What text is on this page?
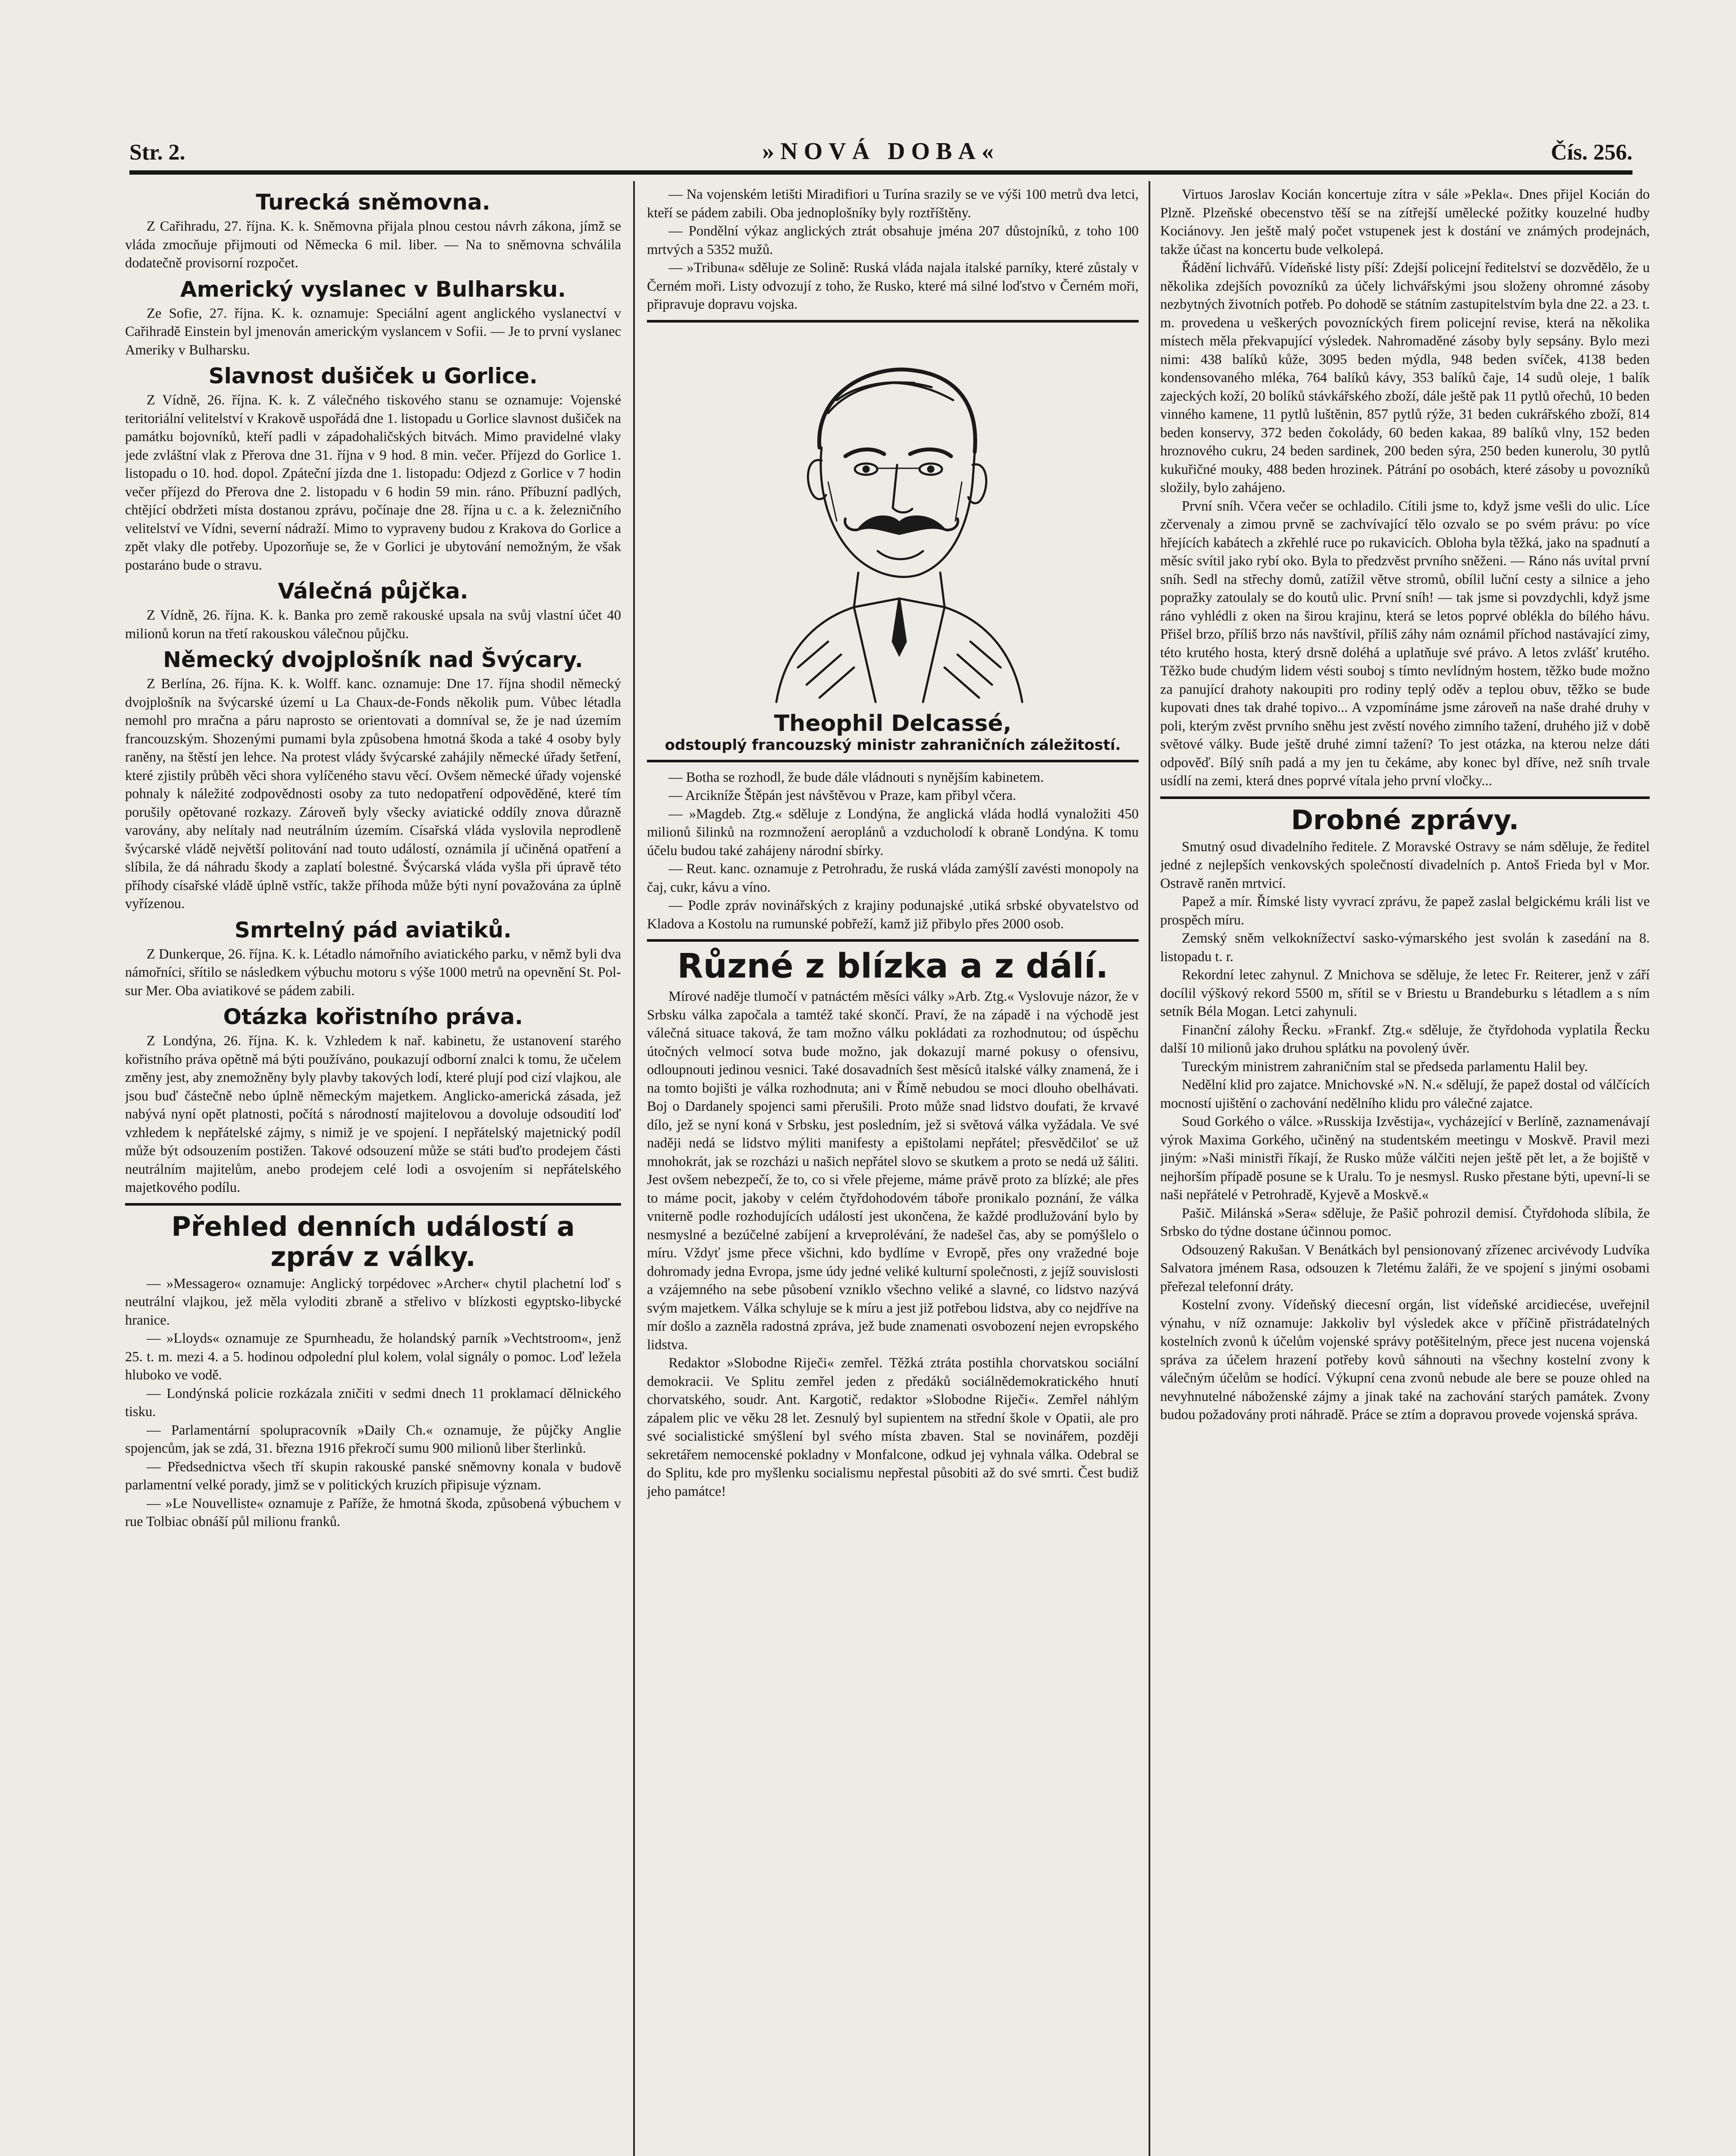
Str. 2.	»NOVÁ DOBA«	Čís. 256.
Turecká sněmovna.

Z Cařihradu, 27. října. K. k. Sněmovna přijala plnou cestou návrh zákona, jímž se vláda zmocňuje přijmouti od Německa 6 mil. liber. — Na to sněmovna schválila dodatečně provisorní rozpočet.

Americký vyslanec v Bulharsku.

Ze Sofie, 27. října. K. k. oznamuje: Speciální agent anglického vyslanectví v Cařihradě Einstein byl jmenován americkým vyslancem v Sofii. — Je to první vyslanec Ameriky v Bulharsku.

Slavnost dušiček u Gorlice.

Z Vídně, 26. října. K. k. Z válečného tiskového stanu se oznamuje: Vojenské teritoriální velitelství v Krakově uspořádá dne 1. listopadu u Gorlice slavnost dušiček na památku bojovníků, kteří padli v západohaličských bitvách. Mimo pravidelné vlaky jede zvláštní vlak z Přerova dne 31. října v 9 hod. 8 min. večer. Příjezd do Gorlice 1. listopadu o 10. hod. dopol. Zpáteční jízda dne 1. listopadu: Odjezd z Gorlice v 7 hodin večer příjezd do Přerova dne 2. listopadu v 6 hodin 59 min. ráno. Příbuzní padlých, chtějící obdržeti místa dostanou zprávu, počínaje dne 28. října u c. a k. železničního velitelství ve Vídni, severní nádraží. Mimo to vypraveny budou z Krakova do Gorlice a zpět vlaky dle potřeby. Upozorňuje se, že v Gorlici je ubytování nemožným, že však postaráno bude o stravu.

Válečná půjčka.

Z Vídně, 26. října. K. k. Banka pro země rakouské upsala na svůj vlastní účet 40 milionů korun na třetí rakouskou válečnou půjčku.

Německý dvojplošník nad Švýcary.

Z Berlína, 26. října. K. k. Wolff. kanc. oznamuje: Dne 17. října shodil německý dvojplošník na švýcarské území u La Chaux-de-Fonds několik pum. Vůbec létadla nemohl pro mračna a páru naprosto se orientovati a domníval se, že je nad územím francouzským. Shozenými pumami byla způsobena hmotná škoda a také 4 osoby byly raněny, na štěstí jen lehce. Na protest vlády švýcarské zahájily německé úřady šetření, které zjistily průběh věci shora vylíčeného stavu věcí. Ovšem německé úřady vojenské pohnaly k náležité zodpovědnosti osoby za tuto nedopatření odpověděné, které tím porušily opětované rozkazy. Zároveň byly všecky aviatické oddíly znova důrazně varovány, aby nelítaly nad neutrálním územím. Císařská vláda vyslovila neprodleně švýcarské vládě největší politování nad touto událostí, oznámila jí učiněná opatření a slíbila, že dá náhradu škody a zaplatí bolestné. Švýcarská vláda vyšla při úpravě této příhody císařské vládě úplně vstříc, takže příhoda může býti nyní považována za úplně vyřízenou.

Smrtelný pád aviatiků.

Z Dunkerque, 26. října. K. k. Létadlo námořního aviatického parku, v němž byli dva námořníci, sřítilo se následkem výbuchu motoru s výše 1000 metrů na opevnění St. Pol-sur Mer. Oba aviatikové se pádem zabili.

Otázka kořistního práva.

Z Londýna, 26. října. K. k. Vzhledem k nař. kabinetu, že ustanovení starého kořistního práva opětně má býti používáno, poukazují odborní znalci k tomu, že učelem změny jest, aby znemožněny byly plavby takových lodí, které plují pod cizí vlajkou, ale jsou buď částečně nebo úplně německým majetkem. Anglicko-americká zásada, jež nabývá nyní opět platnosti, počítá s národností majitelovou a dovoluje odsoudití loď vzhledem k nepřátelské zájmy, s nimiž je ve spojení. I nepřátelský majetnický podíl může být odsouzením postižen. Takové odsouzení může se státi buďto prodejem části neutrálním majitelům, anebo prodejem celé lodi a osvojením si nepřátelského majetkového podílu.

Přehled denních událostí a zpráv z války.

— »Messagero« oznamuje: Anglický torpédovec »Archer« chytil plachetní loď s neutrální vlajkou, jež měla vyloditi zbraně a střelivo v blízkosti egyptsko-libycké hranice.

— »Lloyds« oznamuje ze Spurnheadu, že holandský parník »Vechtstroom«, jenž 25. t. m. mezi 4. a 5. hodinou odpolední plul kolem, volal signály o pomoc. Loď ležela hluboko ve vodě.

— Londýnská policie rozkázala zničiti v sedmi dnech 11 proklamací dělnického tisku.

— Parlamentární spolupracovník »Daily Ch.« oznamuje, že půjčky Anglie spojencům, jak se zdá, 31. března 1916 překročí sumu 900 milionů liber šterlinků.

— Předsednictva všech tří skupin rakouské panské sněmovny konala v budově parlamentní velké porady, jimž se v politických kruzích připisuje význam.

— »Le Nouvelliste« oznamuje z Paříže, že hmotná škoda, způsobená výbuchem v rue Tolbiac obnáší půl milionu franků.

— Na vojenském letišti Miradifiori u Turína srazily se ve výši 100 metrů dva letci, kteří se pádem zabili. Oba jednoplošníky byly roztříštěny.

— Pondělní výkaz anglických ztrát obsahuje jména 207 důstojníků, z toho 100 mrtvých a 5352 mužů.

— »Tribuna« sděluje ze Solině: Ruská vláda najala italské parníky, které zůstaly v Černém moři. Listy odvozují z toho, že Rusko, které má silné loďstvo v Černém moři, připravuje dopravu vojska.

Theophil Delcassé,
odstouplý francouzský ministr zahraničních záležitostí.

— Botha se rozhodl, že bude dále vládnouti s nynějším kabinetem.

— Arcikníže Štěpán jest návštěvou v Praze, kam přibyl včera.

— »Magdeb. Ztg.« sděluje z Londýna, že anglická vláda hodlá vynaložiti 450 milionů šilinků na rozmnožení aeroplánů a vzducholodí k obraně Londýna. K tomu účelu budou také zahájeny národní sbírky.

— Reut. kanc. oznamuje z Petrohradu, že ruská vláda zamýšlí zavésti monopoly na čaj, cukr, kávu a víno.

— Podle zpráv novinářských z krajiny podunajské ,utiká srbské obyvatelstvo od Kladova a Kostolu na rumunské pobřeží, kamž již přibylo přes 2000 osob.

Různé z blízka a z dálí.

Mírové naděje tlumočí v patnáctém měsíci války »Arb. Ztg.« Vyslovuje názor, že v Srbsku válka započala a tamtéž také skončí. Praví, že na západě i na východě jest válečná situace taková, že tam možno válku pokládati za rozhodnutou; od úspěchu útočných velmocí sotva bude možno, jak dokazují marné pokusy o ofensivu, odloupnouti jedinou vesnici. Také dosavadních šest měsíců italské války znamená, že i na tomto bojišti je válka rozhodnuta; ani v Římě nebudou se moci dlouho obelhávati. Boj o Dardanely spojenci sami přerušili. Proto může snad lidstvo doufati, že krvavé dílo, jež se nyní koná v Srbsku, jest posledním, jež si světová válka vyžádala. Ve své naději nedá se lidstvo mýliti manifesty a epištolami nepřátel; přesvědčiloť se už mnohokrát, jak se rozcházi u našich nepřátel slovo se skutkem a proto se nedá už šáliti. Jest ovšem nebezpečí, že to, co si vřele přejeme, máme právě proto za blízké; ale přes to máme pocit, jakoby v celém čtyřdohodovém táboře pronikalo poznání, že válka vniterně podle rozhodujících událostí jest ukončena, že každé prodlužování bylo by nesmyslné a bezúčelné zabíjení a krveprolévání, že nadešel čas, aby se pomýšlelo o míru. Vždyť jsme přece všichni, kdo bydlíme v Evropě, přes ony vražedné boje dohromady jedna Evropa, jsme údy jedné veliké kulturní společnosti, z jejíž souvislosti a vzájemného na sebe působení vzniklo všechno veliké a slavné, co lidstvo nazývá svým majetkem. Válka schyluje se k míru a jest již potřebou lidstva, aby co nejdříve na mír došlo a zazněla radostná zpráva, jež bude znamenati osvobození nejen evropského lidstva.

Redaktor »Slobodne Riječi« zemřel. Těžká ztráta postihla chorvatskou sociální demokracii. Ve Splitu zemřel jeden z předáků sociálnědemokratického hnutí chorvatského, soudr. Ant. Kargotič, redaktor »Slobodne Riječi«. Zemřel náhlým zápalem plic ve věku 28 let. Zesnulý byl supientem na střední škole v Opatii, ale pro své socialistické smýšlení byl svého místa zbaven. Stal se novinářem, později sekretářem nemocenské pokladny v Monfalcone, odkud jej vyhnala válka. Odebral se do Splitu, kde pro myšlenku socialismu nepřestal působiti až do své smrti. Čest budiž jeho památce!

Virtuos Jaroslav Kocián koncertuje zítra v sále »Pekla«. Dnes přijel Kocián do Plzně. Plzeňské obecenstvo těší se na zítřejší umělecké požitky kouzelné hudby Kociánovy. Jen ještě malý počet vstupenek jest k dostání ve známých prodejnách, takže účast na koncertu bude velkolepá.

Řádění lichvářů. Vídeňské listy píší: Zdejší policejní ředitelství se dozvědělo, že u několika zdejších povozníků za účely lichvářskými jsou složeny ohromné zásoby nezbytných životních potřeb. Po dohodě se státním zastupitelstvím byla dne 22. a 23. t. m. provedena u veškerých povozníckých firem policejní revise, která na několika místech měla překvapující výsledek. Nahromaděné zásoby byly sepsány. Bylo mezi nimi: 438 balíků kůže, 3095 beden mýdla, 948 beden svíček, 4138 beden kondensovaného mléka, 764 balíků kávy, 353 balíků čaje, 14 sudů oleje, 1 balík zajeckých koží, 20 bolíků stávkářského zboží, dále ještě pak 11 pytlů ořechů, 10 beden vinného kamene, 11 pytlů luštěnin, 857 pytlů rýže, 31 beden cukrářského zboží, 814 beden konservy, 372 beden čokolády, 60 beden kakaa, 89 balíků vlny, 152 beden hroznového cukru, 24 beden sardinek, 200 beden sýra, 250 beden kunerolu, 30 pytlů kukuřičné mouky, 488 beden hrozinek. Pátrání po osobách, které zásoby u povozníků složily, bylo zahájeno.

První sníh. Včera večer se ochladilo. Cítili jsme to, když jsme vešli do ulic. Líce zčervenaly a zimou prvně se zachvívající tělo ozvalo se po svém právu: po více hřejících kabátech a zkřehlé ruce po rukavicích. Obloha byla těžká, jako na spadnutí a měsíc svítil jako rybí oko. Byla to předzvěst prvního sněženi. — Ráno nás uvítal první sníh. Sedl na střechy domů, zatížil větve stromů, obílil luční cesty a silnice a jeho popražky zatoulaly se do koutů ulic. První sníh! — tak jsme si povzdychli, když jsme ráno vyhlédli z oken na širou krajinu, která se letos poprvé oblékla do bílého hávu. Přišel brzo, příliš brzo nás navštívil, příliš záhy nám oznámil příchod nastávající zimy, této krutého hosta, který drsně doléhá a uplatňuje své právo. A letos zvlášť krutého. Těžko bude chudým lidem vésti souboj s tímto nevlídným hostem, těžko bude možno za panující drahoty nakoupiti pro rodiny teplý oděv a teplou obuv, těžko se bude kupovati dnes tak drahé topivo... A vzpomínáme jsme zároveň na naše drahé druhy v poli, kterým zvěst prvního sněhu jest zvěstí nového zimního tažení, druhého již v době světové války. Bude ještě druhé zimní tažení? To jest otázka, na kterou nelze dáti odpověď. Bílý sníh padá a my jen tu čekáme, aby konec byl dříve, než sníh trvale usídlí na zemi, která dnes poprvé vítala jeho první vločky...

Drobné zprávy.

Smutný osud divadelního ředitele. Z Moravské Ostravy se nám sděluje, že ředitel jedné z nejlepších venkovských společností divadelních p. Antoš Frieda byl v Mor. Ostravě raněn mrtvicí.

Papež a mír. Římské listy vyvrací zprávu, že papež zaslal belgickému králi list ve prospěch míru.

Zemský sněm velkoknížectví sasko-výmarského jest svolán k zasedání na 8. listopadu t. r.

Rekordní letec zahynul. Z Mnichova se sděluje, že letec Fr. Reiterer, jenž v září docílil výškový rekord 5500 m, sřítil se v Briestu u Brandeburku s létadlem a s ním setník Béla Mogan. Letci zahynuli.

Finanční zálohy Řecku. »Frankf. Ztg.« sděluje, že čtyřdohoda vyplatila Řecku další 10 milionů jako druhou splátku na povolený úvěr.

Tureckým ministrem zahraničním stal se předseda parlamentu Halil bey.

Nedělní klid pro zajatce. Mnichovské »N. N.« sdělují, že papež dostal od válčících mocností ujištění o zachování nedělního klidu pro válečné zajatce.

Soud Gorkého o válce. »Russkija Izvěstija«, vycházející v Berlíně, zaznamenávají výrok Maxima Gorkého, učiněný na studentském meetingu v Moskvě. Pravil mezi jiným: »Naši ministři říkají, že Rusko může válčiti nejen ještě pět let, a že bojiště v nejhorším případě posune se k Uralu. To je nesmysl. Rusko přestane býti, upevní-li se naši nepřátelé v Petrohradě, Kyjevě a Moskvě.«

Pašič. Milánská »Sera« sděluje, že Pašič pohrozil demisí. Čtyřdohoda slíbila, že Srbsko do týdne dostane účinnou pomoc.

Odsouzený Rakušan. V Benátkách byl pensionovaný zřízenec arcivévody Ludvíka Salvatora jménem Rasa, odsouzen k 7letému žaláři, že ve spojení s jinými osobami přeřezal telefonní dráty.

Kostelní zvony. Vídeňský diecesní orgán, list vídeňské arcidiecése, uveřejnil výnahu, v níž oznamuje: Jakkoliv byl výsledek akce v příčině přistrádatelných kostelních zvonů k účelům vojenské správy potěšitelným, přece jest nucena vojenská správa za účelem hrazení potřeby kovů sáhnouti na všechny kostelní zvony k válečným účelům se hodící. Výkupní cena zvonů nebude ale bere se pouze ohled na nevyhnutelné náboženské zájmy a jinak také na zachování starých památek. Zvony budou požadovány proti náhradě. Práce se ztím a dopravou provede vojenská správa.
